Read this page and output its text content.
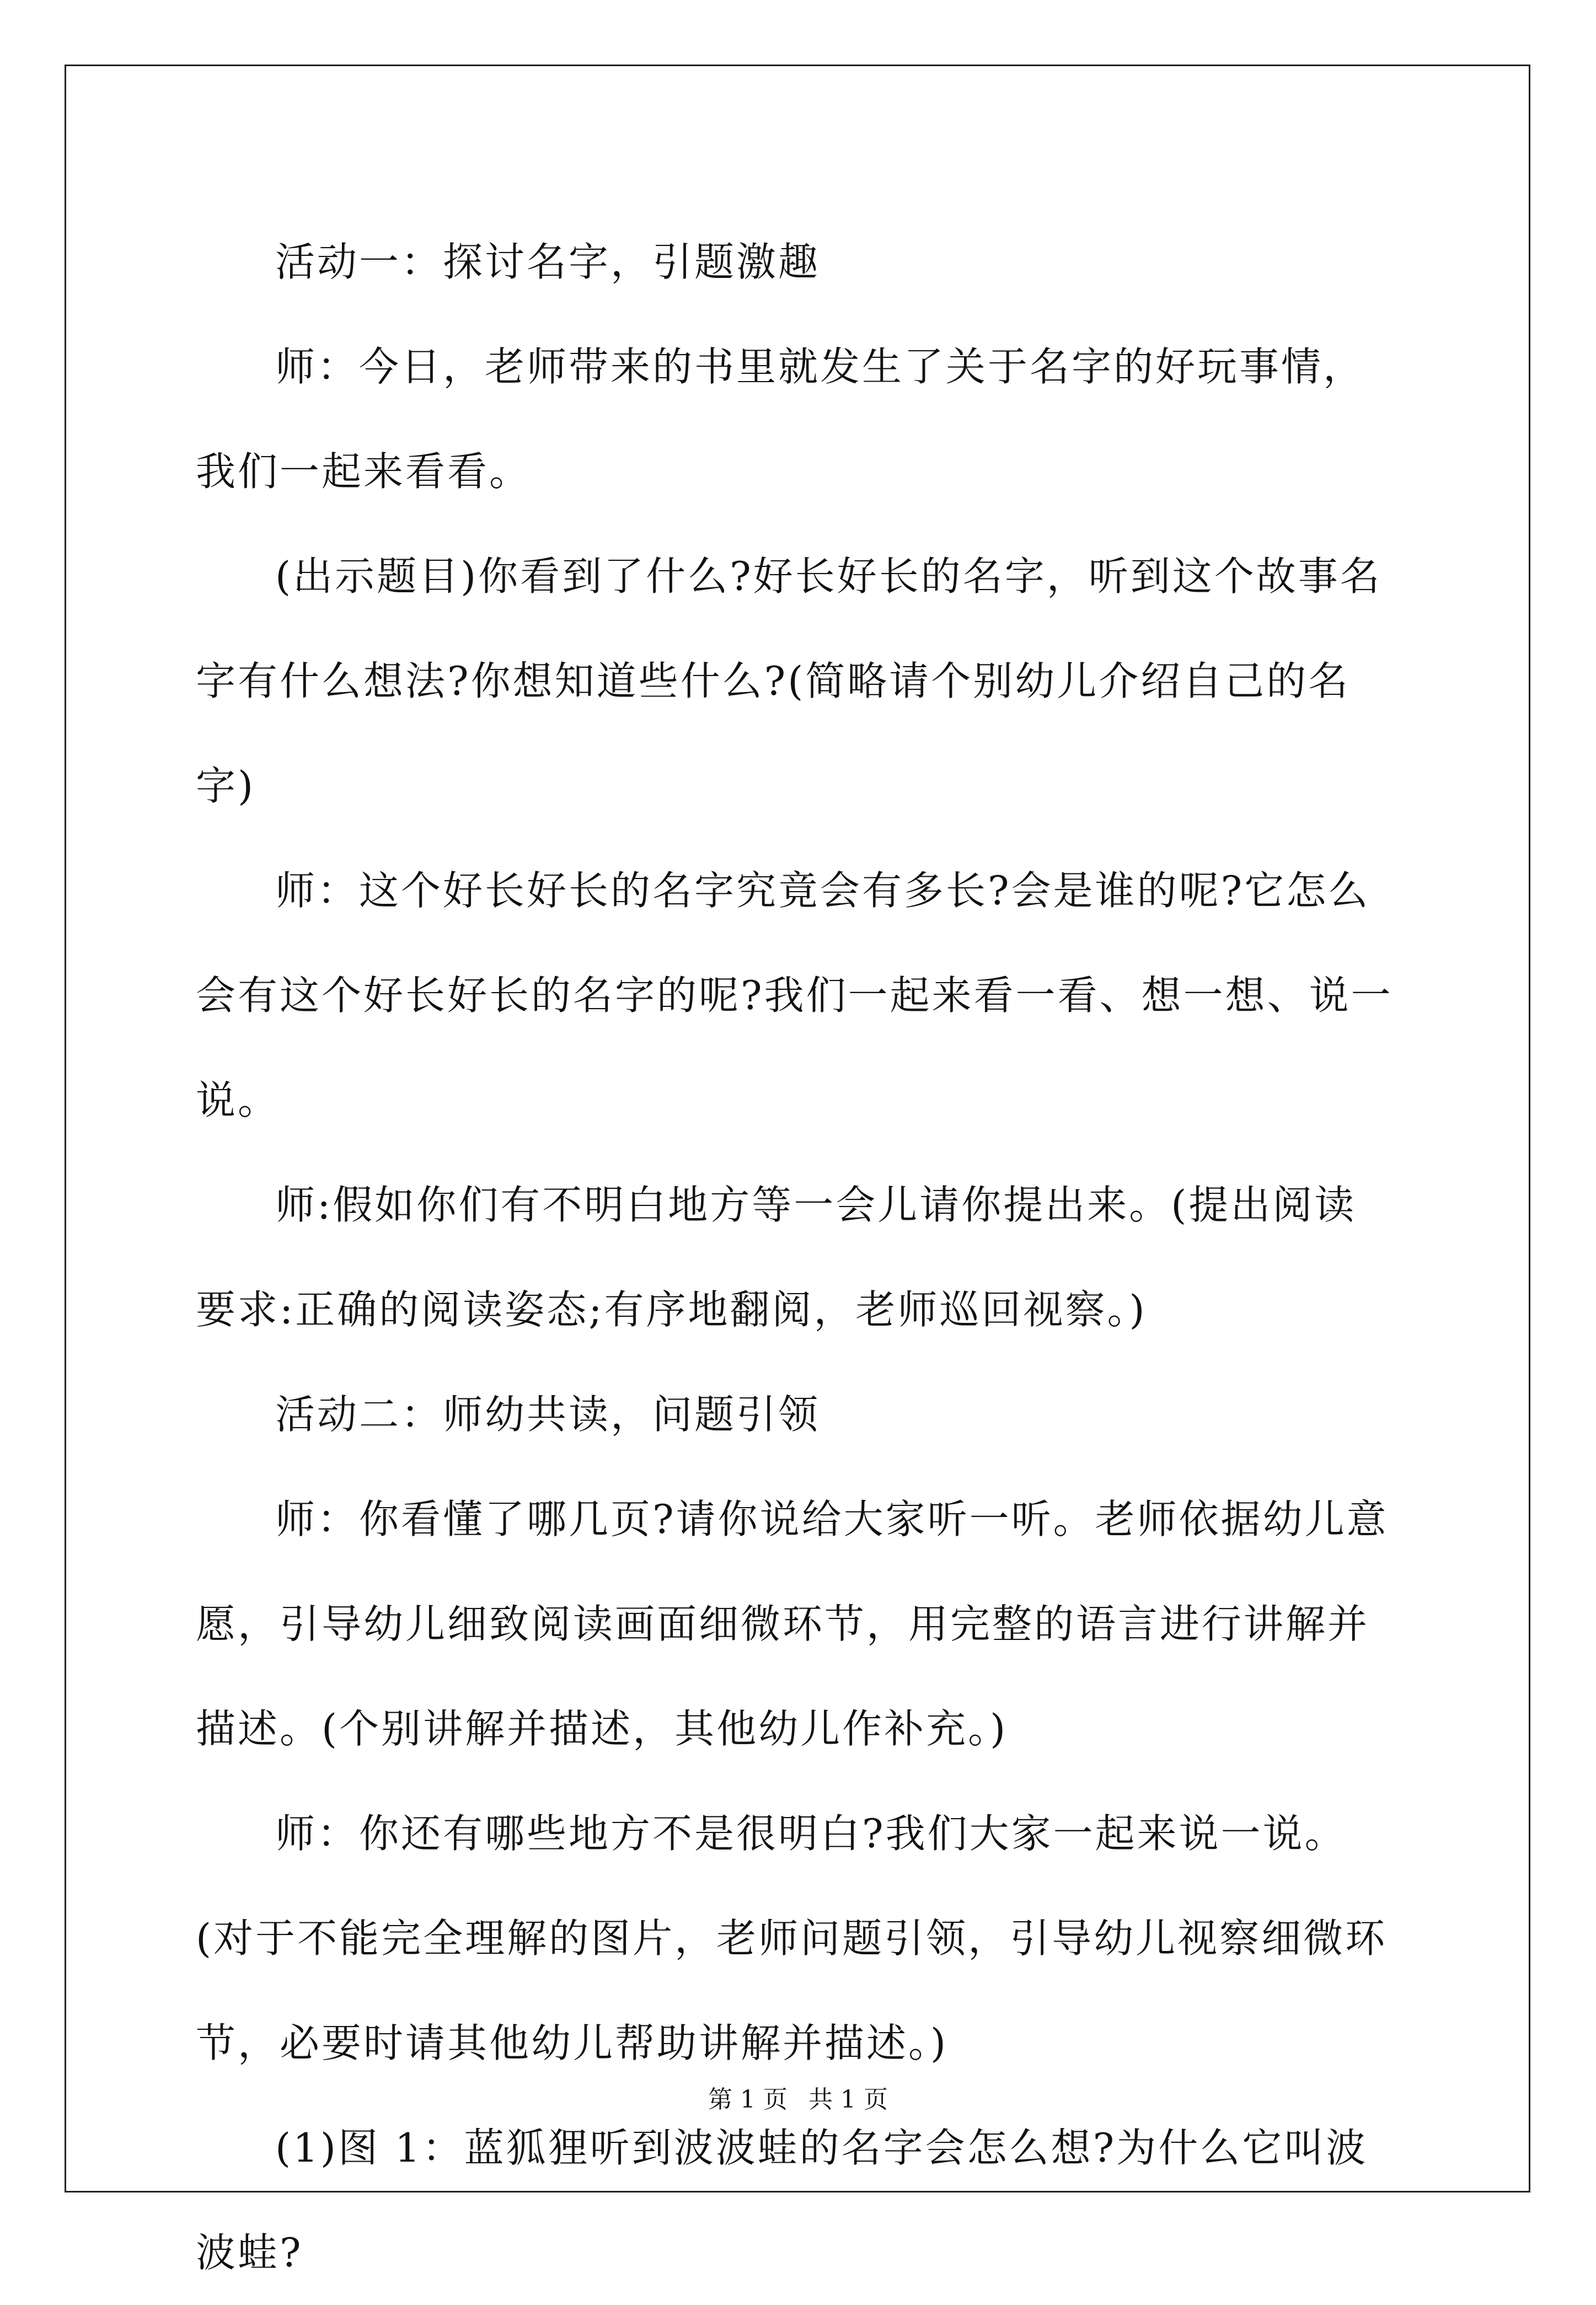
活动一：探讨名字，引题激趣

师：今日，老师带来的书里就发生了关于名字的好玩事情，我们一起来看看。

(出示题目)你看到了什么?好长好长的名字，听到这个故事名字有什么想法?你想知道些什么?(简略请个别幼儿介绍自己的名字)

师：这个好长好长的名字究竟会有多长?会是谁的呢?它怎么会有这个好长好长的名字的呢?我们一起来看一看、想一想、说一说。

师:假如你们有不明白地方等一会儿请你提出来。(提出阅读要求:正确的阅读姿态;有序地翻阅，老师巡回视察。)

活动二：师幼共读，问题引领

师：你看懂了哪几页?请你说给大家听一听。老师依据幼儿意愿，引导幼儿细致阅读画面细微环节，用完整的语言进行讲解并描述。(个别讲解并描述，其他幼儿作补充。)

师：你还有哪些地方不是很明白?我们大家一起来说一说。(对于不能完全理解的图片，老师问题引领，引导幼儿视察细微环节，必要时请其他幼儿帮助讲解并描述。)

(1)图 1：蓝狐狸听到波波蛙的名字会怎么想?为什么它叫波波蛙?

第 1 页 共 1 页
